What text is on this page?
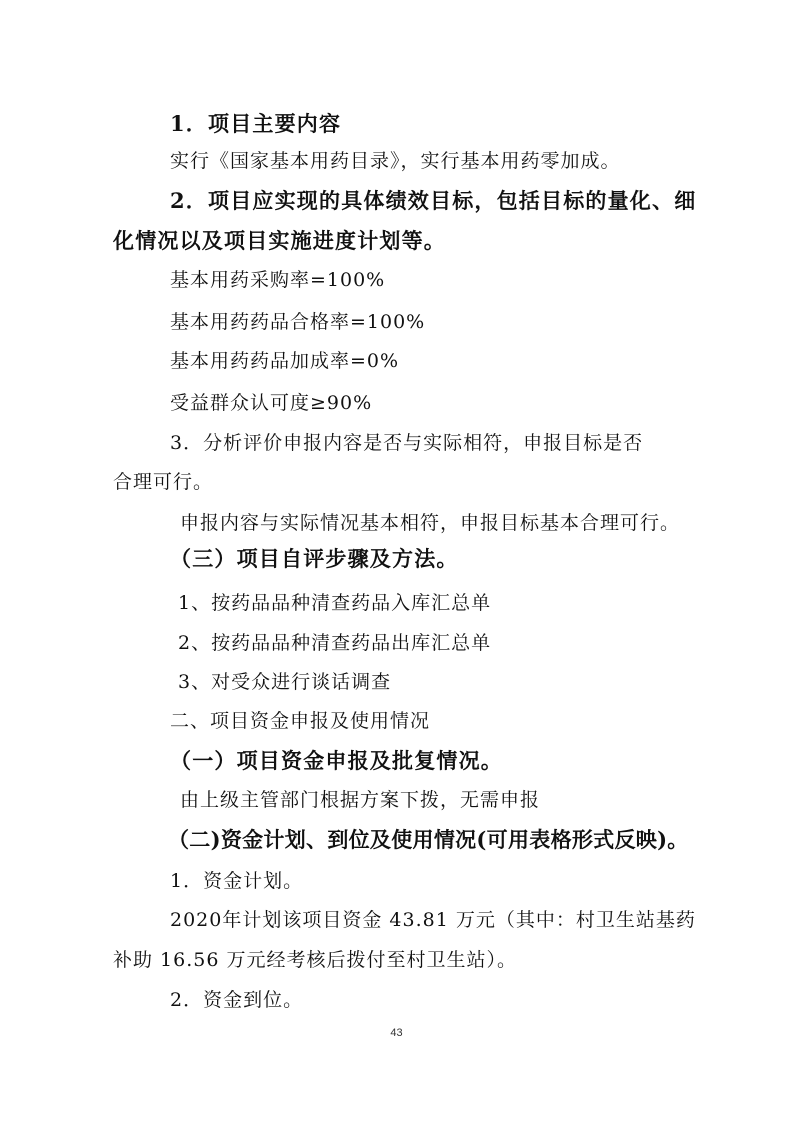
1．项目主要内容

实行《国家基本用药目录》，实行基本用药零加成。

2．项目应实现的具体绩效目标，包括目标的量化、细

化情况以及项目实施进度计划等。

基本用药采购率=100%

基本用药药品合格率=100%

基本用药药品加成率=0%

受益群众认可度≥90%

3．分析评价申报内容是否与实际相符，申报目标是否

合理可行。

申报内容与实际情况基本相符，申报目标基本合理可行。

（三）项目自评步骤及方法。

1、按药品品种清查药品入库汇总单

2、按药品品种清查药品出库汇总单

3、对受众进行谈话调查

二、项目资金申报及使用情况

（一）项目资金申报及批复情况。

由上级主管部门根据方案下拨，无需申报

（二)资金计划、到位及使用情况(可用表格形式反映)。

1．资金计划。

2020年计划该项目资金 43.81 万元（其中：村卫生站基药

补助 16.56 万元经考核后拨付至村卫生站）。

2．资金到位。

43
